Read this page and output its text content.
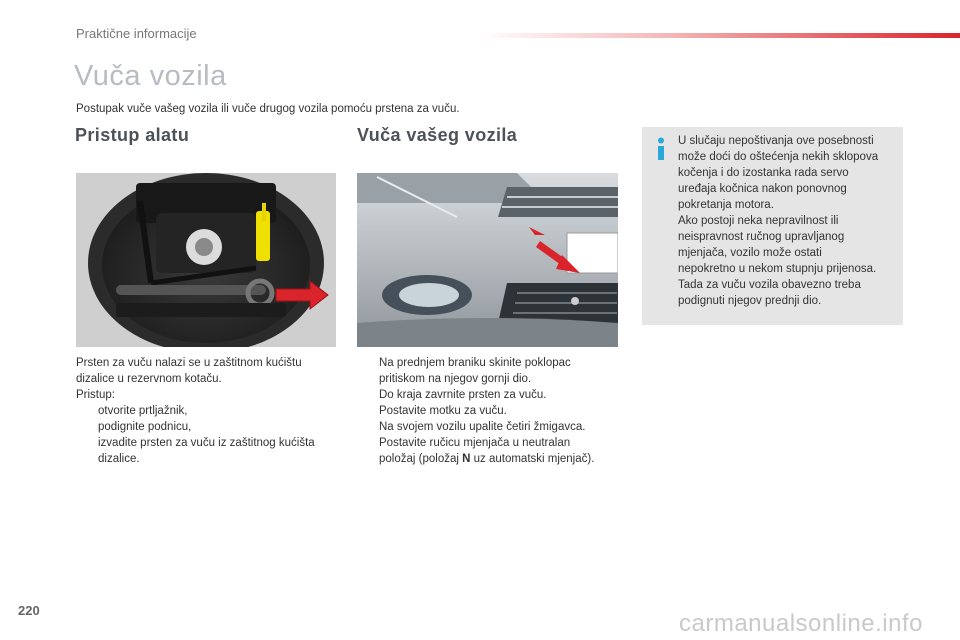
Praktične informacije
Vuča vozila
Postupak vuče vašeg vozila ili vuče drugog vozila pomoću prstena za vuču.
Pristup alatu	Vuča vašeg vozila
Prsten za vuču nalazi se u zaštitnom kućištu
dizalice u rezervnom kotaču.
Pristup:
otvorite prtljažnik,
podignite podnicu,
izvadite prsten za vuču iz zaštitnog kućišta
dizalice.
Na prednjem braniku skinite poklopac
pritiskom na njegov gornji dio.
Do kraja zavrnite prsten za vuču.
Postavite motku za vuču.
Na svojem vozilu upalite četiri žmigavca.
Postavite ručicu mjenjača u neutralan
položaj (položaj N uz automatski mjenjač).
U slučaju nepoštivanja ove posebnosti
može doći do oštećenja nekih sklopova
kočenja i do izostanka rada servo
uređaja kočnica nakon ponovnog
pokretanja motora.
Ako postoji neka nepravilnost ili
neispravnost ručnog upravljanog
mjenjača, vozilo može ostati
nepokretno u nekom stupnju prijenosa.
Tada za vuču vozila obavezno treba
podignuti njegov prednji dio.
220	carmanualsonline.info
